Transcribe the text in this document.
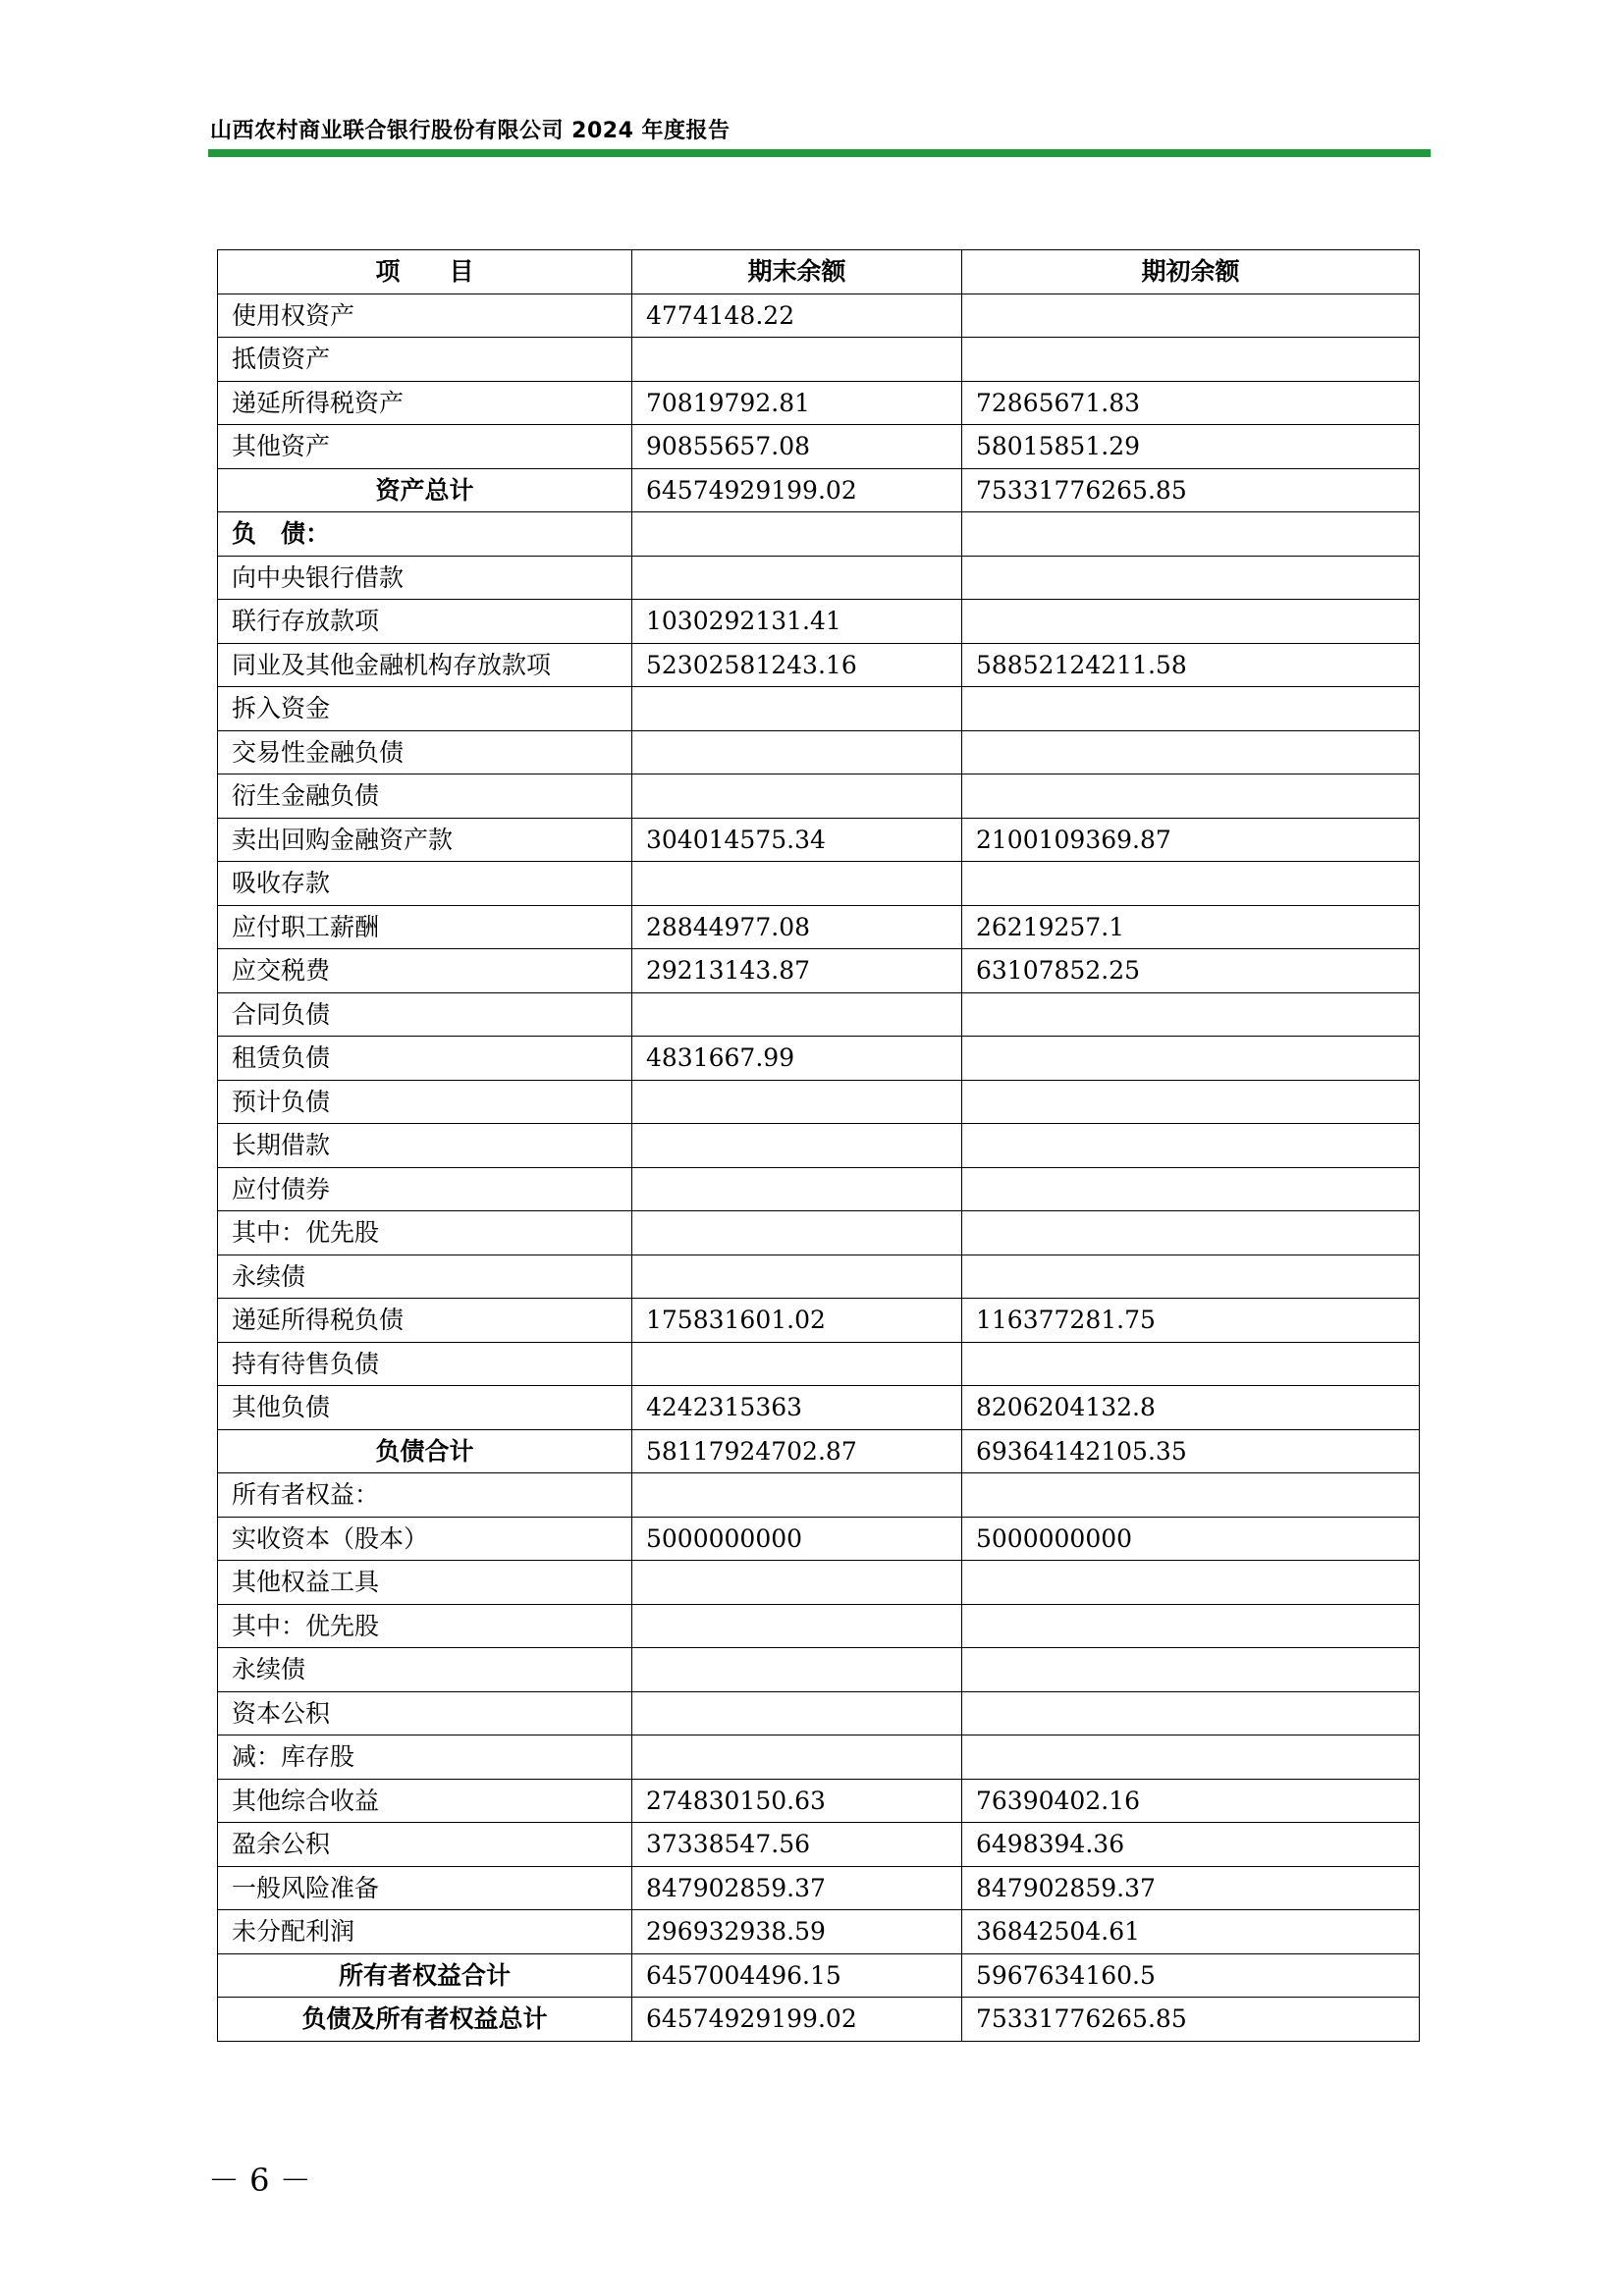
山西农村商业联合银行股份有限公司 2024 年度报告
项　　目	期末余额	期初余额
使用权资产	4774148.22	
抵债资产		
递延所得税资产	70819792.81	72865671.83
其他资产	90855657.08	58015851.29
资产总计	64574929199.02	75331776265.85
负　债：		
向中央银行借款		
联行存放款项	1030292131.41	
同业及其他金融机构存放款项	52302581243.16	58852124211.58
拆入资金		
交易性金融负债		
衍生金融负债		
卖出回购金融资产款	304014575.34	2100109369.87
吸收存款		
应付职工薪酬	28844977.08	26219257.1
应交税费	29213143.87	63107852.25
合同负债		
租赁负债	4831667.99	
预计负债		
长期借款		
应付债券		
其中：优先股		
永续债		
递延所得税负债	175831601.02	116377281.75
持有待售负债		
其他负债	4242315363	8206204132.8
负债合计	58117924702.87	69364142105.35
所有者权益：		
实收资本（股本）	5000000000	5000000000
其他权益工具		
其中：优先股		
永续债		
资本公积		
减：库存股		
其他综合收益	274830150.63	76390402.16
盈余公积	37338547.56	6498394.36
一般风险准备	847902859.37	847902859.37
未分配利润	296932938.59	36842504.61
所有者权益合计	6457004496.15	5967634160.5
负债及所有者权益总计	64574929199.02	75331776265.85
－ 6 －
